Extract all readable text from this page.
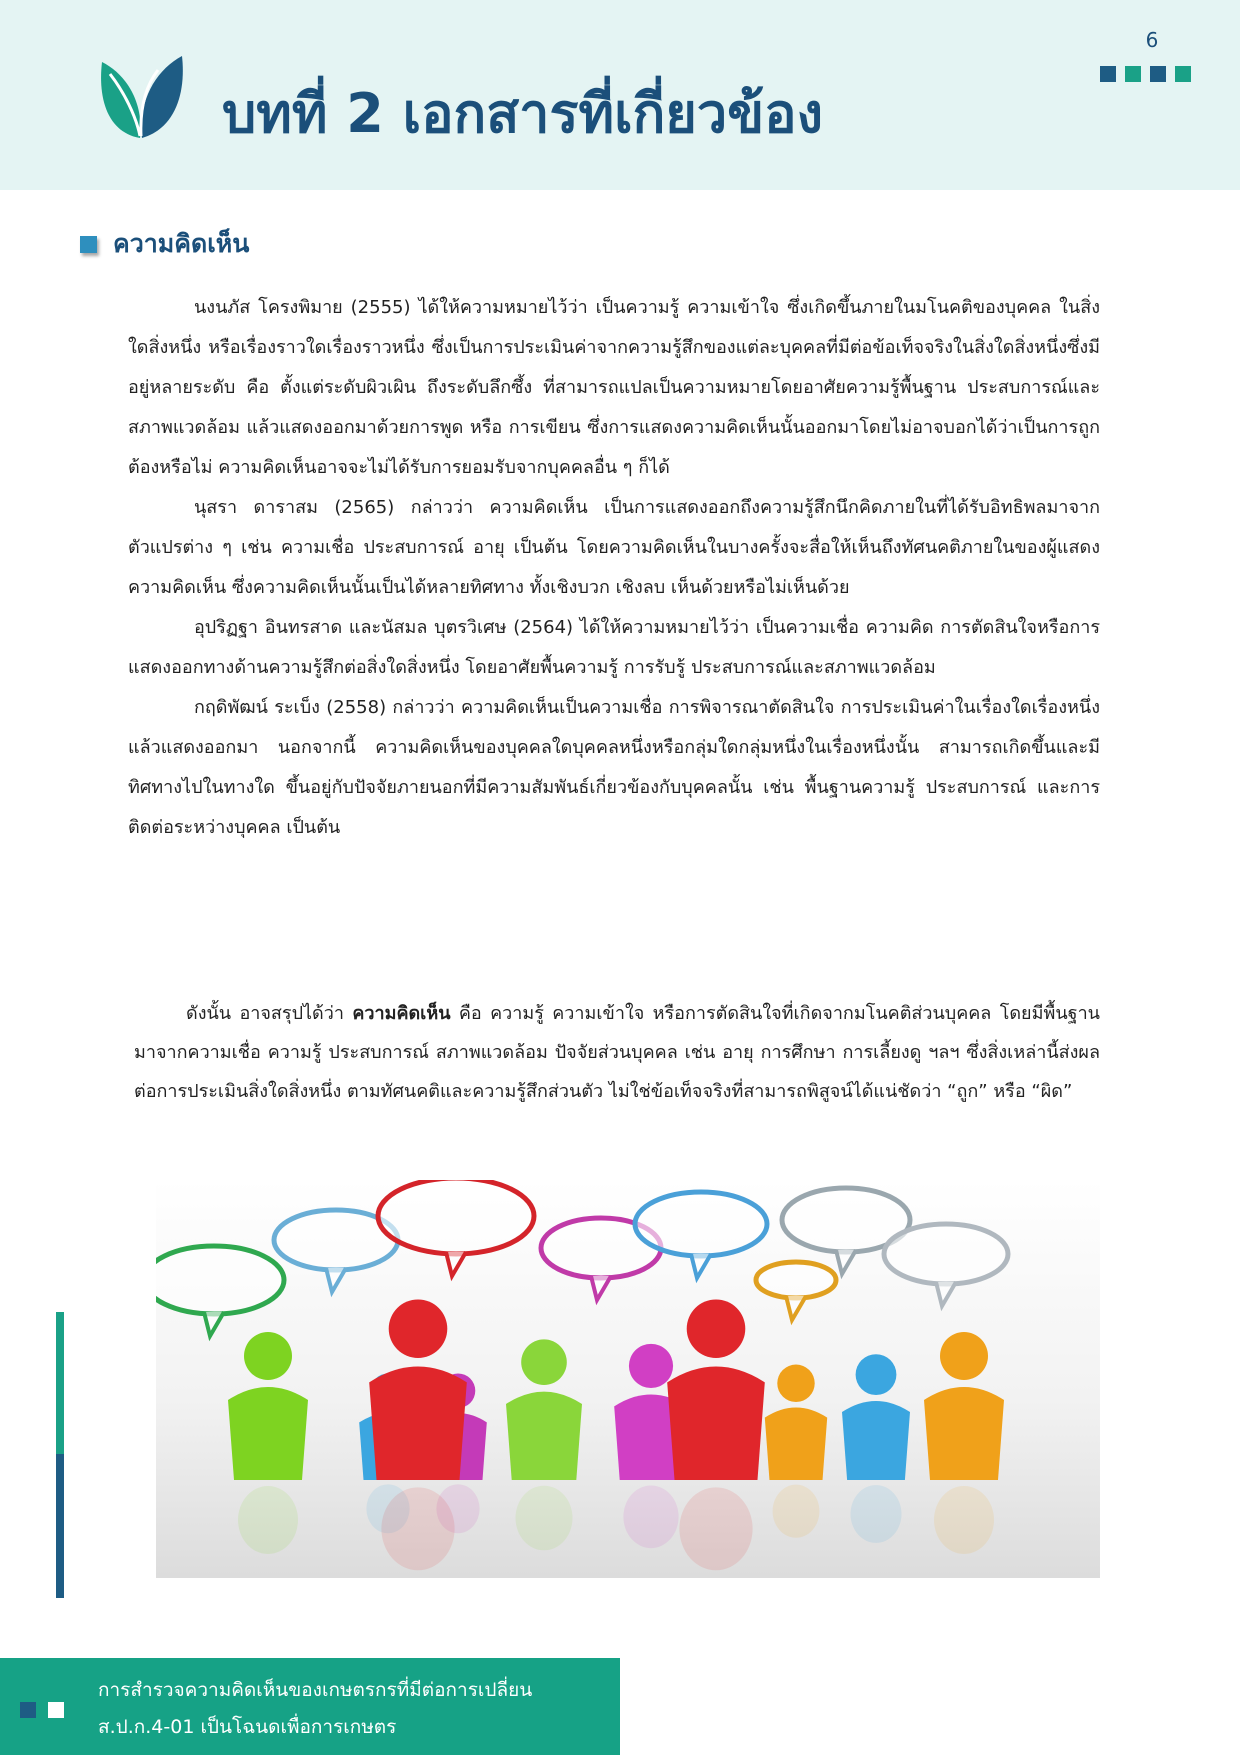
บทที่ 2 เอกสารที่เกี่ยวข้อง
6
ความคิดเห็น

นงนภัส โครงพิมาย (2555) ได้ให้ความหมายไว้ว่า เป็นความรู้ ความเข้าใจ ซึ่งเกิดขึ้นภายในมโนคติของบุคคล ในสิ่งใดสิ่งหนึ่ง หรือเรื่องราวใดเรื่องราวหนึ่ง ซึ่งเป็นการประเมินค่าจากความรู้สึกของแต่ละบุคคลที่มีต่อข้อเท็จจริงในสิ่งใดสิ่งหนึ่งซึ่งมีอยู่หลายระดับ คือ ตั้งแต่ระดับผิวเผิน ถึงระดับลึกซึ้ง ที่สามารถแปลเป็นความหมายโดยอาศัยความรู้พื้นฐาน ประสบการณ์และสภาพแวดล้อม แล้วแสดงออกมาด้วยการพูด หรือ การเขียน ซึ่งการแสดงความคิดเห็นนั้นออกมาโดยไม่อาจบอกได้ว่าเป็นการถูกต้องหรือไม่ ความคิดเห็นอาจจะไม่ได้รับการยอมรับจากบุคคลอื่น ๆ ก็ได้

นุสรา ดาราสม (2565) กล่าวว่า ความคิดเห็น เป็นการแสดงออกถึงความรู้สึกนึกคิดภายในที่ได้รับอิทธิพลมาจากตัวแปรต่าง ๆ เช่น ความเชื่อ ประสบการณ์ อายุ เป็นต้น โดยความคิดเห็นในบางครั้งจะสื่อให้เห็นถึงทัศนคติภายในของผู้แสดงความคิดเห็น ซึ่งความคิดเห็นนั้นเป็นได้หลายทิศทาง ทั้งเชิงบวก เชิงลบ เห็นด้วยหรือไม่เห็นด้วย

อุปริฏฐา อินทรสาด และนัสมล บุตรวิเศษ (2564) ได้ให้ความหมายไว้ว่า เป็นความเชื่อ ความคิด การตัดสินใจหรือการแสดงออกทางด้านความรู้สึกต่อสิ่งใดสิ่งหนึ่ง โดยอาศัยพื้นความรู้ การรับรู้ ประสบการณ์และสภาพแวดล้อม

กฤดิพัฒน์ ระเบ็ง (2558) กล่าวว่า ความคิดเห็นเป็นความเชื่อ การพิจารณาตัดสินใจ การประเมินค่าในเรื่องใดเรื่องหนึ่งแล้วแสดงออกมา นอกจากนี้ ความคิดเห็นของบุคคลใดบุคคลหนึ่งหรือกลุ่มใดกลุ่มหนึ่งในเรื่องหนึ่งนั้น สามารถเกิดขึ้นและมีทิศทางไปในทางใด ขึ้นอยู่กับปัจจัยภายนอกที่มีความสัมพันธ์เกี่ยวข้องกับบุคคลนั้น เช่น พื้นฐานความรู้ ประสบการณ์ และการติดต่อระหว่างบุคคล เป็นต้น

ดังนั้น อาจสรุปได้ว่า ความคิดเห็น คือ ความรู้ ความเข้าใจ หรือการตัดสินใจที่เกิดจากมโนคติส่วนบุคคล โดยมีพื้นฐานมาจากความเชื่อ ความรู้ ประสบการณ์ สภาพแวดล้อม ปัจจัยส่วนบุคคล เช่น อายุ การศึกษา การเลี้ยงดู ฯลฯ ซึ่งสิ่งเหล่านี้ส่งผลต่อการประเมินสิ่งใดสิ่งหนึ่ง ตามทัศนคติและความรู้สึกส่วนตัว ไม่ใช่ข้อเท็จจริงที่สามารถพิสูจน์ได้แน่ชัดว่า “ถูก” หรือ “ผิด”

การสำรวจความคิดเห็นของเกษตรกรที่มีต่อการเปลี่ยน
ส.ป.ก.4-01 เป็นโฉนดเพื่อการเกษตร
